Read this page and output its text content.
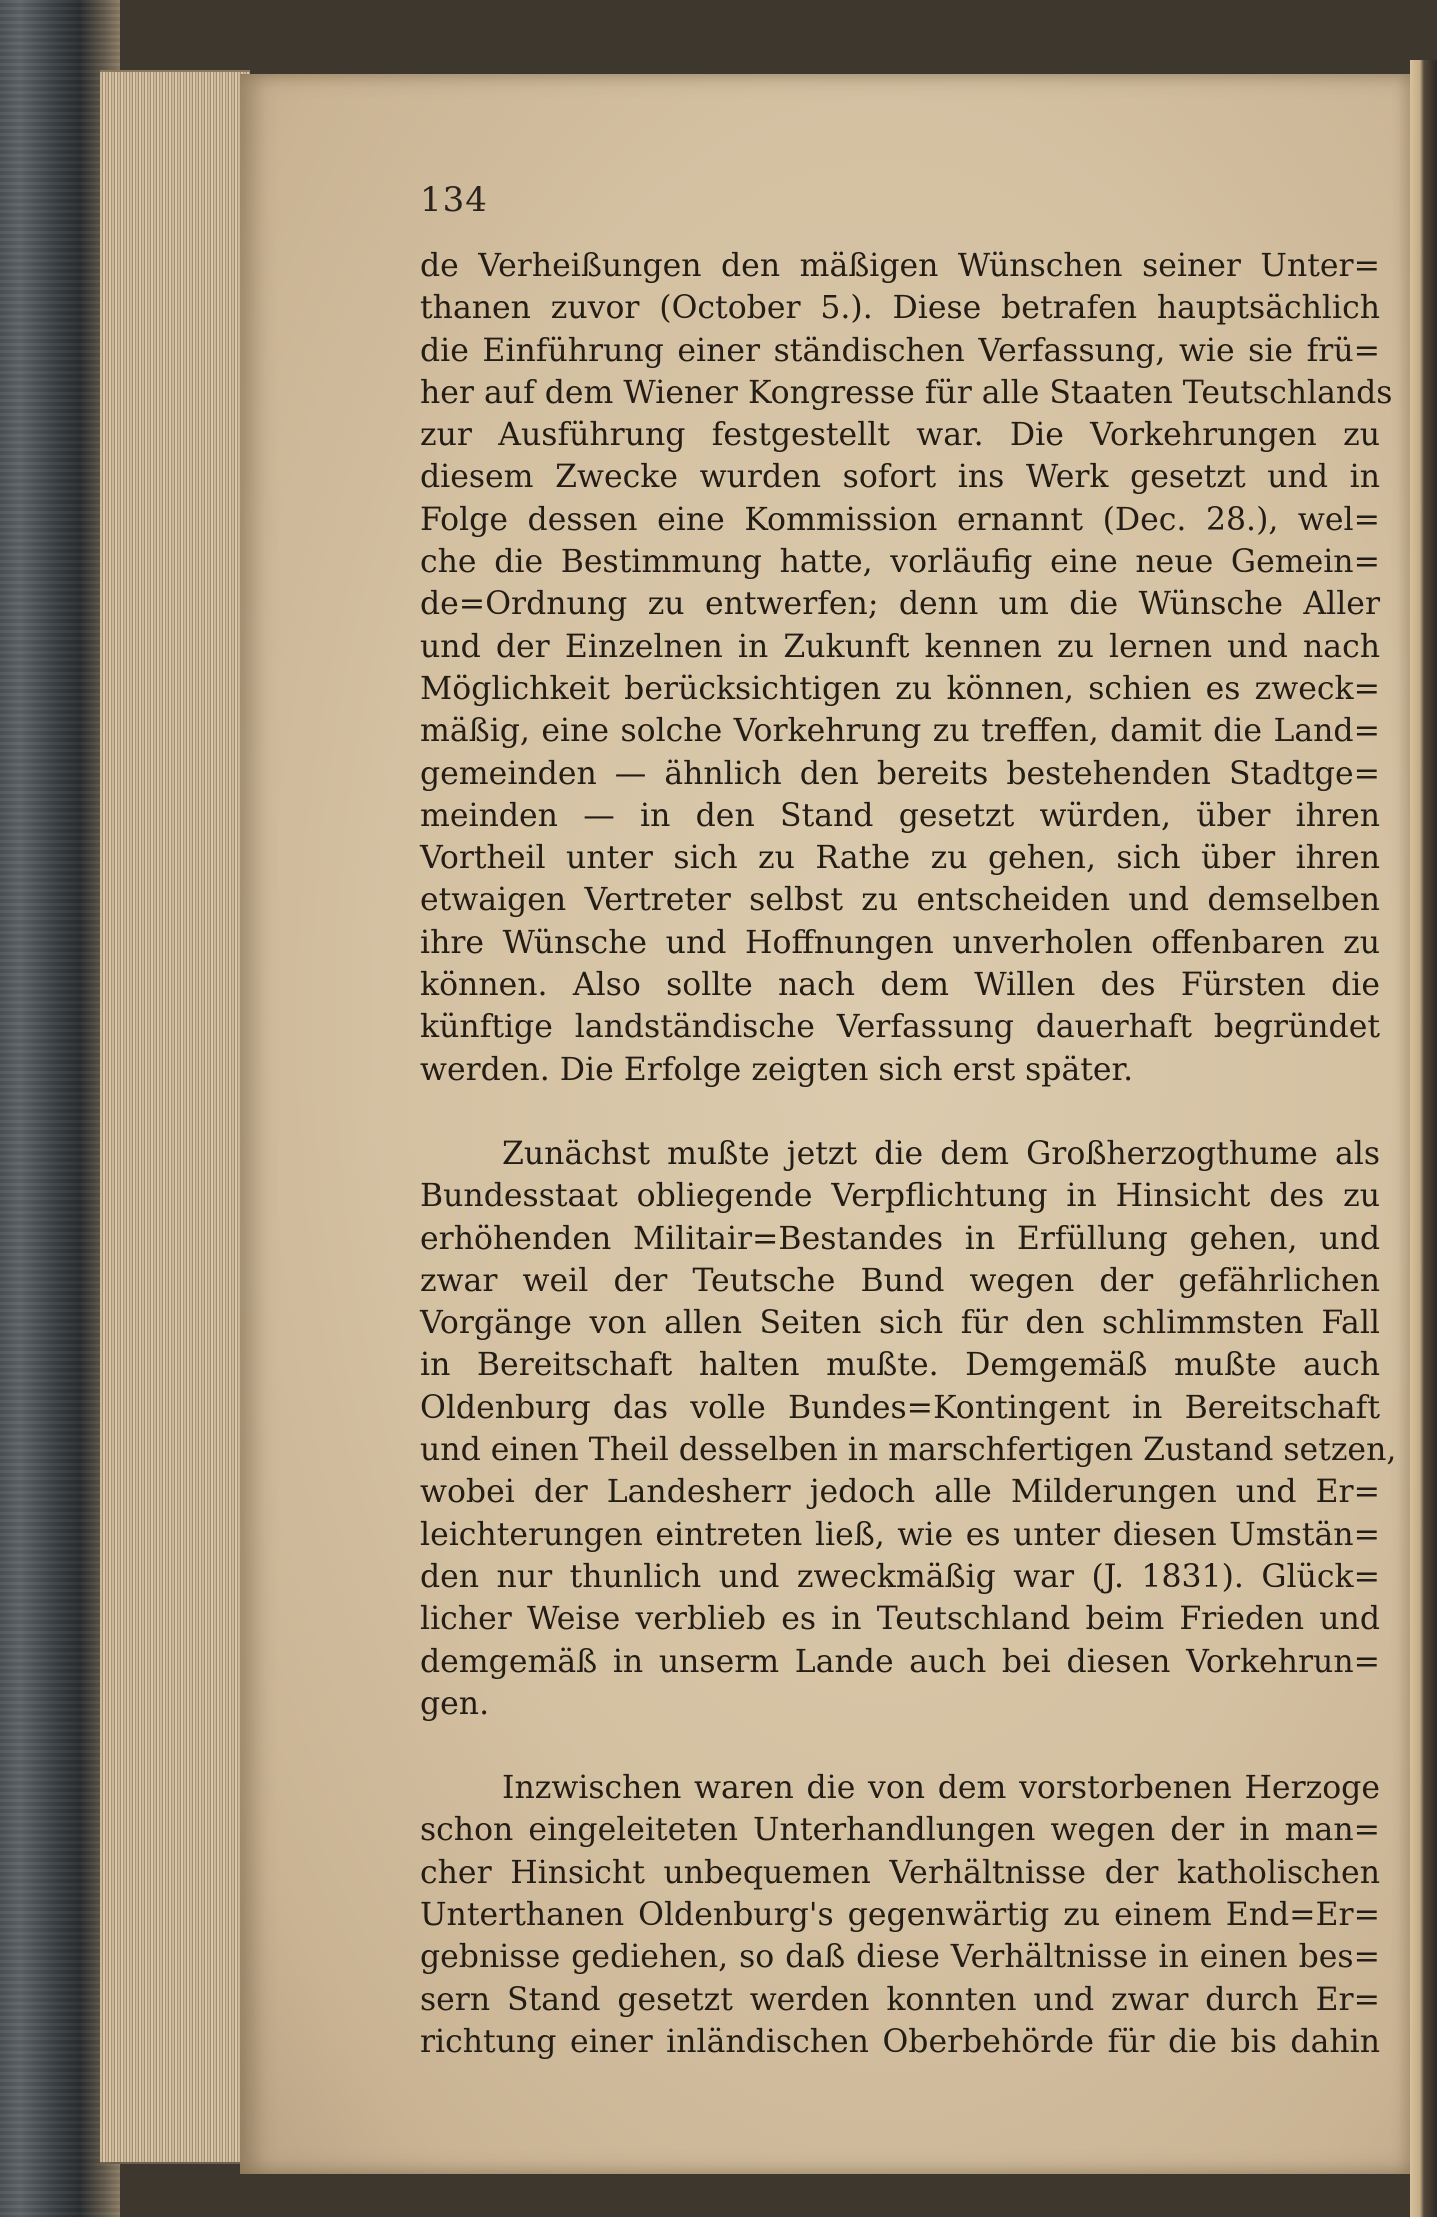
134

de Verheißungen den mäßigen Wünschen seiner Unter=
thanen zuvor (October 5.). Diese betrafen hauptsächlich
die Einführung einer ständischen Verfassung, wie sie frü=
her auf dem Wiener Kongresse für alle Staaten Teutschlands
zur Ausführung festgestellt war. Die Vorkehrungen zu
diesem Zwecke wurden sofort ins Werk gesetzt und in
Folge dessen eine Kommission ernannt (Dec. 28.), wel=
che die Bestimmung hatte, vorläufig eine neue Gemein=
de=Ordnung zu entwerfen; denn um die Wünsche Aller
und der Einzelnen in Zukunft kennen zu lernen und nach
Möglichkeit berücksichtigen zu können, schien es zweck=
mäßig, eine solche Vorkehrung zu treffen, damit die Land=
gemeinden — ähnlich den bereits bestehenden Stadtge=
meinden — in den Stand gesetzt würden, über ihren
Vortheil unter sich zu Rathe zu gehen, sich über ihren
etwaigen Vertreter selbst zu entscheiden und demselben
ihre Wünsche und Hoffnungen unverholen offenbaren zu
können. Also sollte nach dem Willen des Fürsten die
künftige landständische Verfassung dauerhaft begründet
werden. Die Erfolge zeigten sich erst später.

Zunächst mußte jetzt die dem Großherzogthume als
Bundesstaat obliegende Verpflichtung in Hinsicht des zu
erhöhenden Militair=Bestandes in Erfüllung gehen, und
zwar weil der Teutsche Bund wegen der gefährlichen
Vorgänge von allen Seiten sich für den schlimmsten Fall
in Bereitschaft halten mußte. Demgemäß mußte auch
Oldenburg das volle Bundes=Kontingent in Bereitschaft
und einen Theil desselben in marschfertigen Zustand setzen,
wobei der Landesherr jedoch alle Milderungen und Er=
leichterungen eintreten ließ, wie es unter diesen Umstän=
den nur thunlich und zweckmäßig war (J. 1831). Glück=
licher Weise verblieb es in Teutschland beim Frieden und
demgemäß in unserm Lande auch bei diesen Vorkehrun=
gen.

Inzwischen waren die von dem vorstorbenen Herzoge
schon eingeleiteten Unterhandlungen wegen der in man=
cher Hinsicht unbequemen Verhältnisse der katholischen
Unterthanen Oldenburg's gegenwärtig zu einem End=Er=
gebnisse gediehen, so daß diese Verhältnisse in einen bes=
sern Stand gesetzt werden konnten und zwar durch Er=
richtung einer inländischen Oberbehörde für die bis dahin
